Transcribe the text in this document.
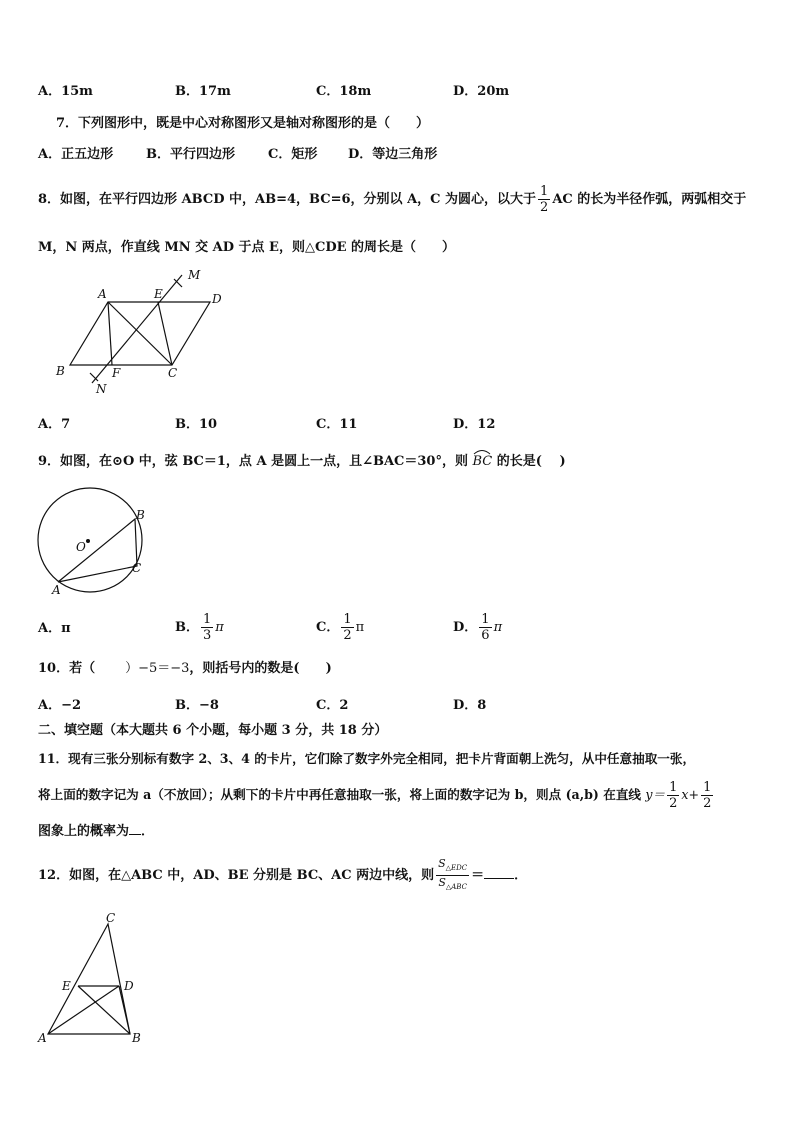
A．15m	B．17m	C．18m	D．20m
7．下列图形中，既是中心对称图形又是轴对称图形的是（　　）
A．正五边形	B．平行四边形	C．矩形 D．等边三角形
8．如图，在平行四边形 ABCD 中，AB=4，BC=6，分别以 A，C 为圆心，以大于 $\frac{1}{2}$ AC 的长为半径作弧，两弧相交于
M，N 两点，作直线 MN 交 AD 于点 E，则△CDE 的周长是（　　）
A	E	D
M
B	F	C
N
A．7	B．10	C．11	D．12
9．如图，在⊙O 中，弦 BC＝1，点 A 是圆上一点，且∠BAC＝30°，则 BC 的长是(　 )
O
B
C
A
A．π	B． $\frac{1}{3}$ π	C． $\frac{1}{2}$ π	D． $\frac{1}{6}$ π
10．若（ ）−5＝−3，则括号内的数是(　　)
A．−2	B．−8	C．2	D．8
二、填空题（本大题共 6 个小题，每小题 3 分，共 18 分）
11．现有三张分别标有数字 2、3、4 的卡片，它们除了数字外完全相同，把卡片背面朝上洗匀，从中任意抽取一张，
将上面的数字记为 a（不放回）；从剩下的卡片中再任意抽取一张，将上面的数字记为 b，则点 (a,b) 在直线 $y= \frac{1}{2} x+ \frac{1}{2}$
图象上的概率为 ．
12．如图，在△ABC 中，AD、BE 分别是 BC、AC 两边中线，则 $\frac{S_{\triangle EDC}}{S_{\triangle ABC}}$ ＝ ．
C
E	D
A	B
